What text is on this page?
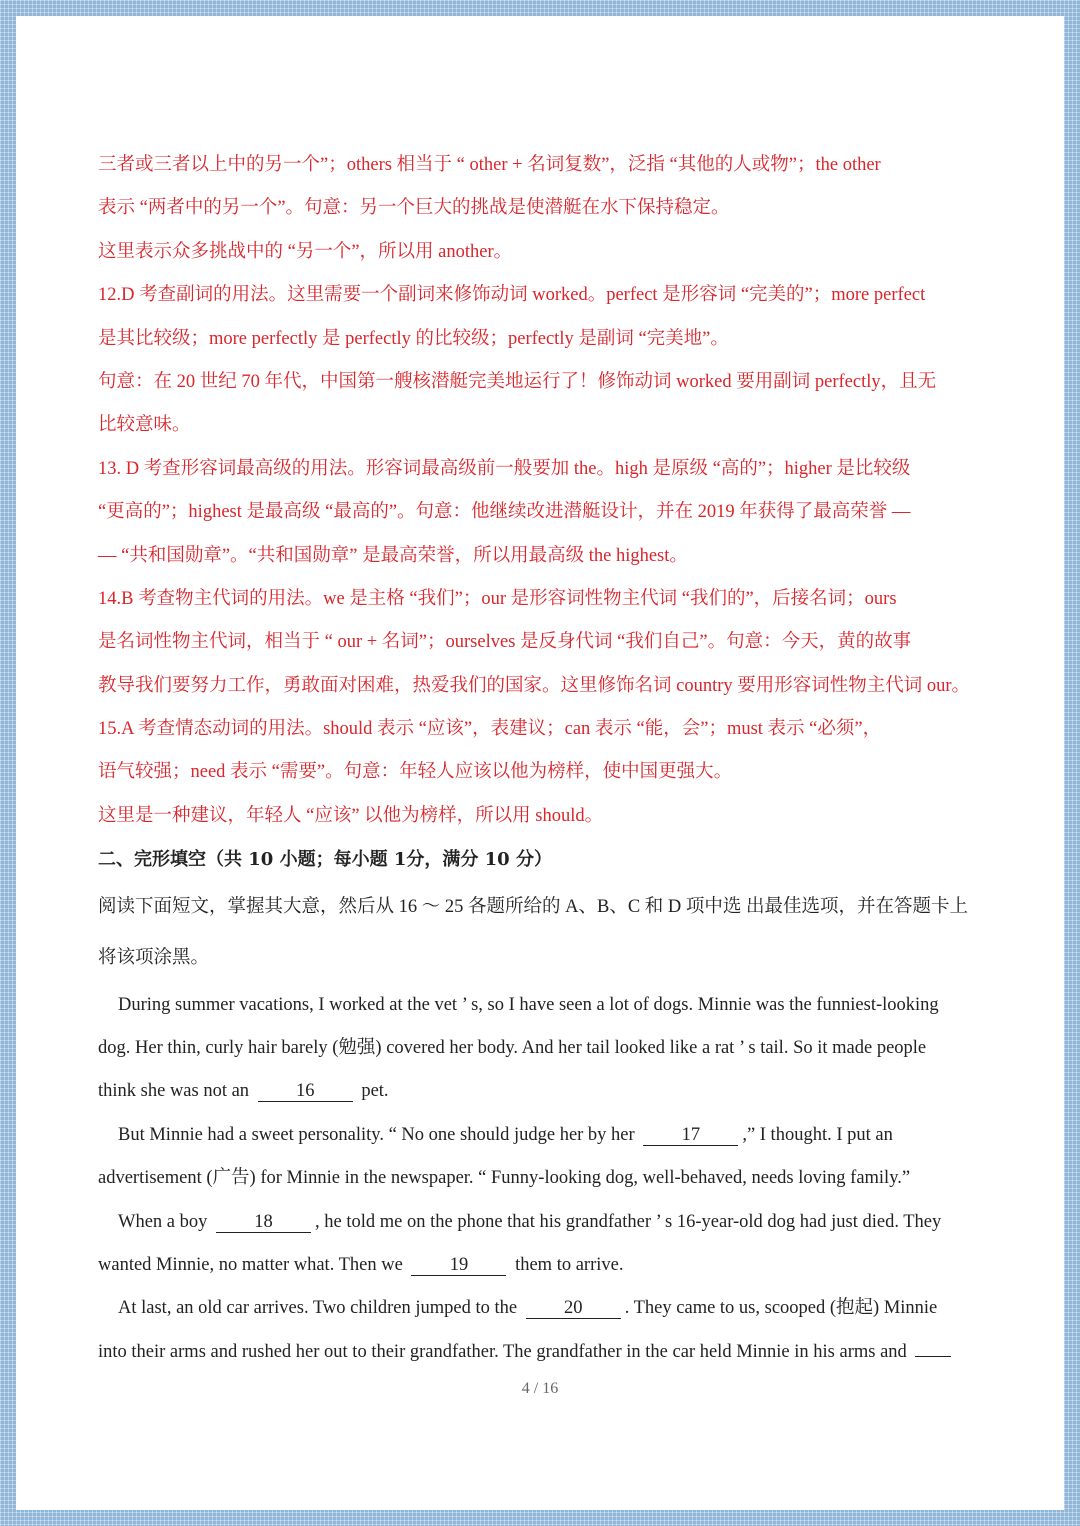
三者或三者以上中的另一个”；others 相当于 “ other + 名词复数”，泛指 “其他的人或物”；the other
表示 “两者中的另一个”。句意：另一个巨大的挑战是使潜艇在水下保持稳定。
这里表示众多挑战中的 “另一个”，所以用 another。
12.D 考查副词的用法。这里需要一个副词来修饰动词 worked。perfect 是形容词 “完美的”；more perfect
是其比较级；more perfectly 是 perfectly 的比较级；perfectly 是副词 “完美地”。
句意：在 20 世纪 70 年代，中国第一艘核潜艇完美地运行了！修饰动词 worked 要用副词 perfectly，且无
比较意味。
13. D 考查形容词最高级的用法。形容词最高级前一般要加 the。high 是原级 “高的”；higher 是比较级
“更高的”；highest 是最高级 “最高的”。句意：他继续改进潜艇设计，并在 2019 年获得了最高荣誉 —
— “共和国勋章”。“共和国勋章” 是最高荣誉，所以用最高级 the highest。
14.B 考查物主代词的用法。we 是主格 “我们”；our 是形容词性物主代词 “我们的”，后接名词；ours
是名词性物主代词，相当于 “ our + 名词”；ourselves 是反身代词 “我们自己”。句意：今天，黄的故事
教导我们要努力工作，勇敢面对困难，热爱我们的国家。这里修饰名词 country 要用形容词性物主代词 our。
15.A 考查情态动词的用法。should 表示 “应该”，表建议；can 表示 “能，会”；must 表示 “必须”，
语气较强；need 表示 “需要”。句意：年轻人应该以他为榜样，使中国更强大。
这里是一种建议，年轻人 “应该” 以他为榜样，所以用 should。
二、完形填空（共 10 小题；每小题 1分，满分 10 分）
阅读下面短文，掌握其大意，然后从 16 ～ 25 各题所给的 A、B、C 和 D 项中选 出最佳选项，并在答题卡上
将该项涂黑。
During summer vacations, I worked at the vet ’ s, so I have seen a lot of dogs. Minnie was the funniest-looking
dog. Her thin, curly hair barely (勉强) covered her body. And her tail looked like a rat ’ s tail. So it made people
think she was not an	16	pet.
But Minnie had a sweet personality. “ No one should judge her by her	17 ,” I thought. I put an
advertisement (广告) for Minnie in the newspaper. “ Funny-looking dog, well-behaved, needs loving family.”
When a boy	18 , he told me on the phone that his grandfather ’ s 16-year-old dog had just died. They
wanted Minnie, no matter what. Then we	19	them to arrive.
At last, an old car arrives. Two children jumped to the	20 . They came to us, scooped (抱起) Minnie
into their arms and rushed her out to their grandfather. The grandfather in the car held Minnie in his arms and
4 / 16
